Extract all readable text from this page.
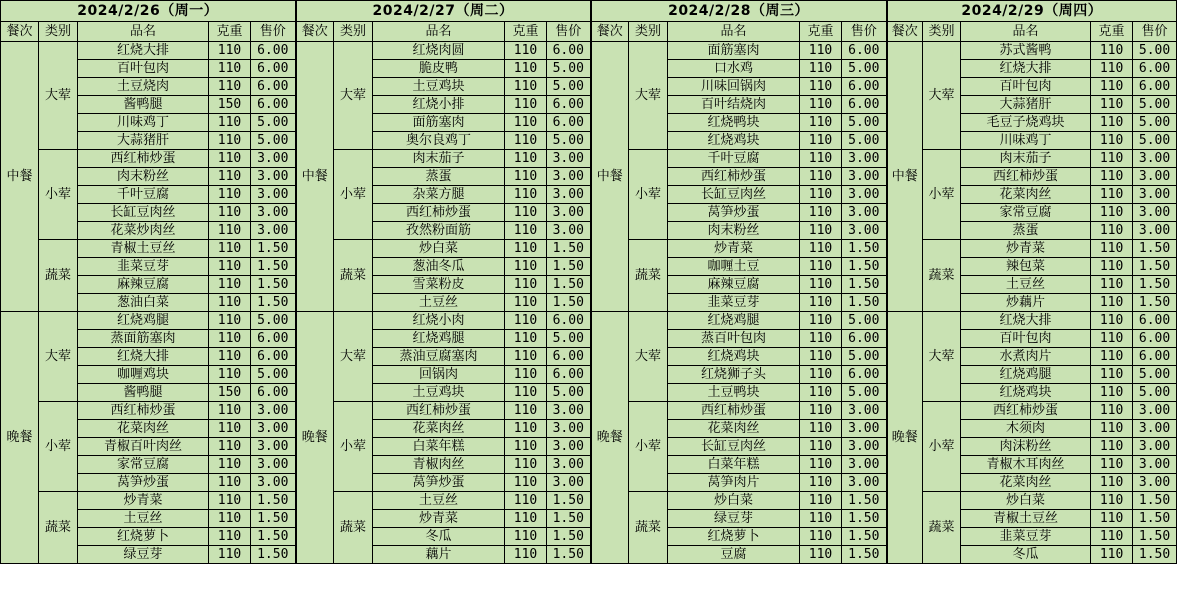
2024/2/26（周一）					2024/2/27（周二）					2024/2/28（周三）					2024/2/29（周四）				
餐次	类别	品名	克重	售价	餐次	类别	品名	克重	售价	餐次	类别	品名	克重	售价	餐次	类别	品名	克重	售价
中餐	大荤	红烧大排	110	6.00	中餐	大荤	红烧肉圆	110	6.00	中餐	大荤	面筋塞肉	110	6.00	中餐	大荤	苏式酱鸭	110	5.00
		百叶包肉	110	6.00			脆皮鸭	110	5.00			口水鸡	110	5.00			红烧大排	110	6.00
		土豆烧肉	110	6.00			土豆鸡块	110	5.00			川味回锅肉	110	6.00			百叶包肉	110	6.00
		酱鸭腿	150	6.00			红烧小排	110	6.00			百叶结烧肉	110	6.00			大蒜猪肝	110	5.00
		川味鸡丁	110	5.00			面筋塞肉	110	6.00			红烧鸭块	110	5.00			毛豆子烧鸡块	110	5.00
		大蒜猪肝	110	5.00			奥尔良鸡丁	110	5.00			红烧鸡块	110	5.00			川味鸡丁	110	5.00
	小荤	西红柿炒蛋	110	3.00		小荤	肉末茄子	110	3.00		小荤	千叶豆腐	110	3.00		小荤	肉末茄子	110	3.00
		肉末粉丝	110	3.00			蒸蛋	110	3.00			西红柿炒蛋	110	3.00			西红柿炒蛋	110	3.00
		千叶豆腐	110	3.00			杂菜方腿	110	3.00			长缸豆肉丝	110	3.00			花菜肉丝	110	3.00
		长缸豆肉丝	110	3.00			西红柿炒蛋	110	3.00			莴笋炒蛋	110	3.00			家常豆腐	110	3.00
		花菜炒肉丝	110	3.00			孜然粉面筋	110	3.00			肉末粉丝	110	3.00			蒸蛋	110	3.00
	蔬菜	青椒土豆丝	110	1.50		蔬菜	炒白菜	110	1.50		蔬菜	炒青菜	110	1.50		蔬菜	炒青菜	110	1.50
		韭菜豆芽	110	1.50			葱油冬瓜	110	1.50			咖喱土豆	110	1.50			辣包菜	110	1.50
		麻辣豆腐	110	1.50			雪菜粉皮	110	1.50			麻辣豆腐	110	1.50			土豆丝	110	1.50
		葱油白菜	110	1.50			土豆丝	110	1.50			韭菜豆芽	110	1.50			炒藕片	110	1.50
晚餐	大荤	红烧鸡腿	110	5.00	晚餐	大荤	红烧小肉	110	6.00	晚餐	大荤	红烧鸡腿	110	5.00	晚餐	大荤	红烧大排	110	6.00
		蒸面筋塞肉	110	6.00			红烧鸡腿	110	5.00			蒸百叶包肉	110	6.00			百叶包肉	110	6.00
		红烧大排	110	6.00			蒸油豆腐塞肉	110	6.00			红烧鸡块	110	5.00			水煮肉片	110	6.00
		咖喱鸡块	110	5.00			回锅肉	110	6.00			红烧狮子头	110	6.00			红烧鸡腿	110	5.00
		酱鸭腿	150	6.00			土豆鸡块	110	5.00			土豆鸭块	110	5.00			红烧鸡块	110	5.00
	小荤	西红柿炒蛋	110	3.00		小荤	西红柿炒蛋	110	3.00		小荤	西红柿炒蛋	110	3.00		小荤	西红柿炒蛋	110	3.00
		花菜肉丝	110	3.00			花菜肉丝	110	3.00			花菜肉丝	110	3.00			木须肉	110	3.00
		青椒百叶肉丝	110	3.00			白菜年糕	110	3.00			长缸豆肉丝	110	3.00			肉沫粉丝	110	3.00
		家常豆腐	110	3.00			青椒肉丝	110	3.00			白菜年糕	110	3.00			青椒木耳肉丝	110	3.00
		莴笋炒蛋	110	3.00			莴笋炒蛋	110	3.00			莴笋肉片	110	3.00			花菜肉丝	110	3.00
	蔬菜	炒青菜	110	1.50		蔬菜	土豆丝	110	1.50		蔬菜	炒白菜	110	1.50		蔬菜	炒白菜	110	1.50
		土豆丝	110	1.50			炒青菜	110	1.50			绿豆芽	110	1.50			青椒土豆丝	110	1.50
		红烧萝卜	110	1.50			冬瓜	110	1.50			红烧萝卜	110	1.50			韭菜豆芽	110	1.50
		绿豆芽	110	1.50			藕片	110	1.50			豆腐	110	1.50			冬瓜	110	1.50
